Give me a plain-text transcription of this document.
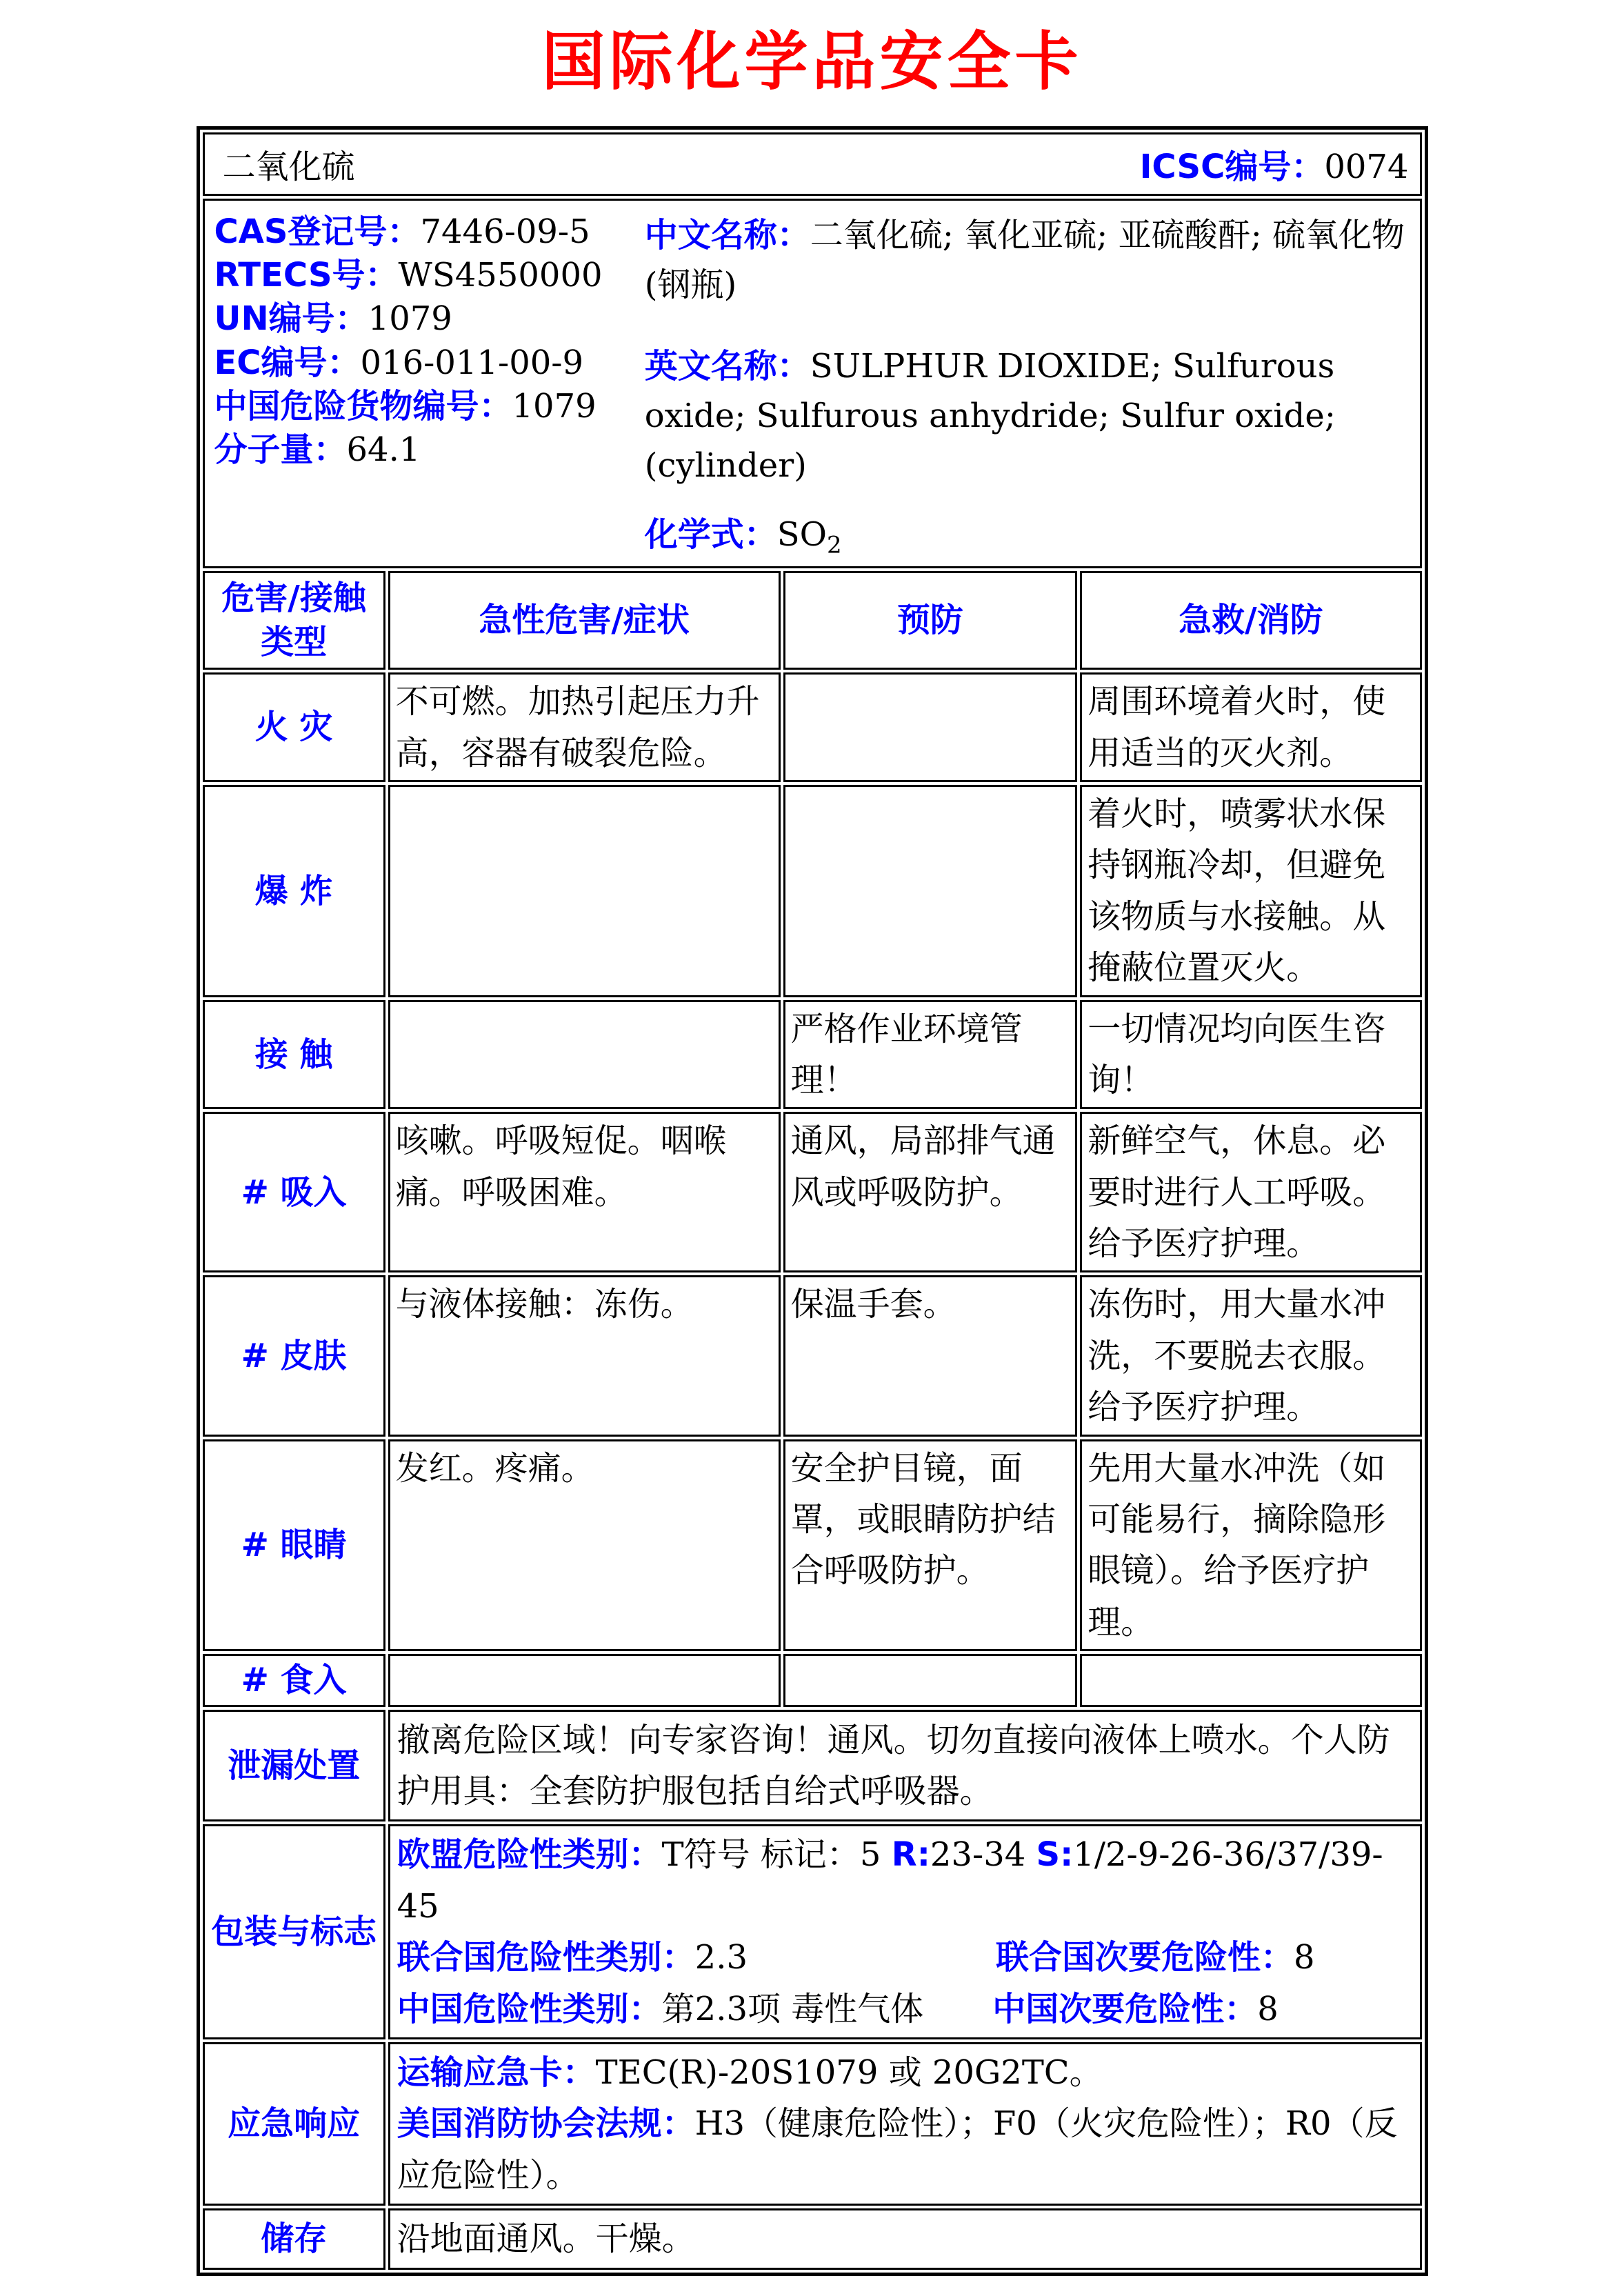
国际化学品安全卡
二氧化硫 ICSC编号：0074			

CAS登记号：7446-09-5
RTECS号：WS4550000
UN编号：1079
EC编号：016-011-00-9
中国危险货物编号：1079
分子量：64.1
中文名称：二氧化硫; 氧化亚硫; 亚硫酸酐; 硫氧化物 (钢瓶)
英文名称：SULPHUR DIOXIDE; Sulfurous oxide; Sulfurous anhydride; Sulfur oxide; (cylinder)
化学式：$SO_2$

危害/接触类型	急性危害/症状	预防	急救/消防
火 灾	不可燃。加热引起压力升高，容器有破裂危险。		周围环境着火时，使用适当的灭火剂。
爆 炸			着火时，喷雾状水保持钢瓶冷却，但避免该物质与水接触。从掩蔽位置灭火。
接 触		严格作业环境管理！	一切情况均向医生咨询！
# 吸入	咳嗽。呼吸短促。咽喉痛。呼吸困难。	通风，局部排气通风或呼吸防护。	新鲜空气，休息。必要时进行人工呼吸。给予医疗护理。
# 皮肤	与液体接触：冻伤。	保温手套。	冻伤时，用大量水冲洗，不要脱去衣服。给予医疗护理。
# 眼睛	发红。疼痛。	安全护目镜，面罩，或眼睛防护结合呼吸防护。	先用大量水冲洗（如可能易行，摘除隐形眼镜）。给予医疗护理。
# 食入			
泄漏处置	撤离危险区域！向专家咨询！通风。切勿直接向液体上喷水。个人防护用具：全套防护服包括自给式呼吸器。		

包装与标志	欧盟危险性类别：T符号 标记：5 R:23-34 S:1/2-9-26-36/37/39-45
联合国危险性类别：2.3 联合国次要危险性：8
中国危险性类别：第2.3项 毒性气体 中国次要危险性：8		

应急响应	运输应急卡：TEC(R)-20S1079 或 20G2TC。
美国消防协会法规：H3（健康危险性）；F0（火灾危险性）；R0（反应危险性）。		

储存	沿地面通风。干燥。		
